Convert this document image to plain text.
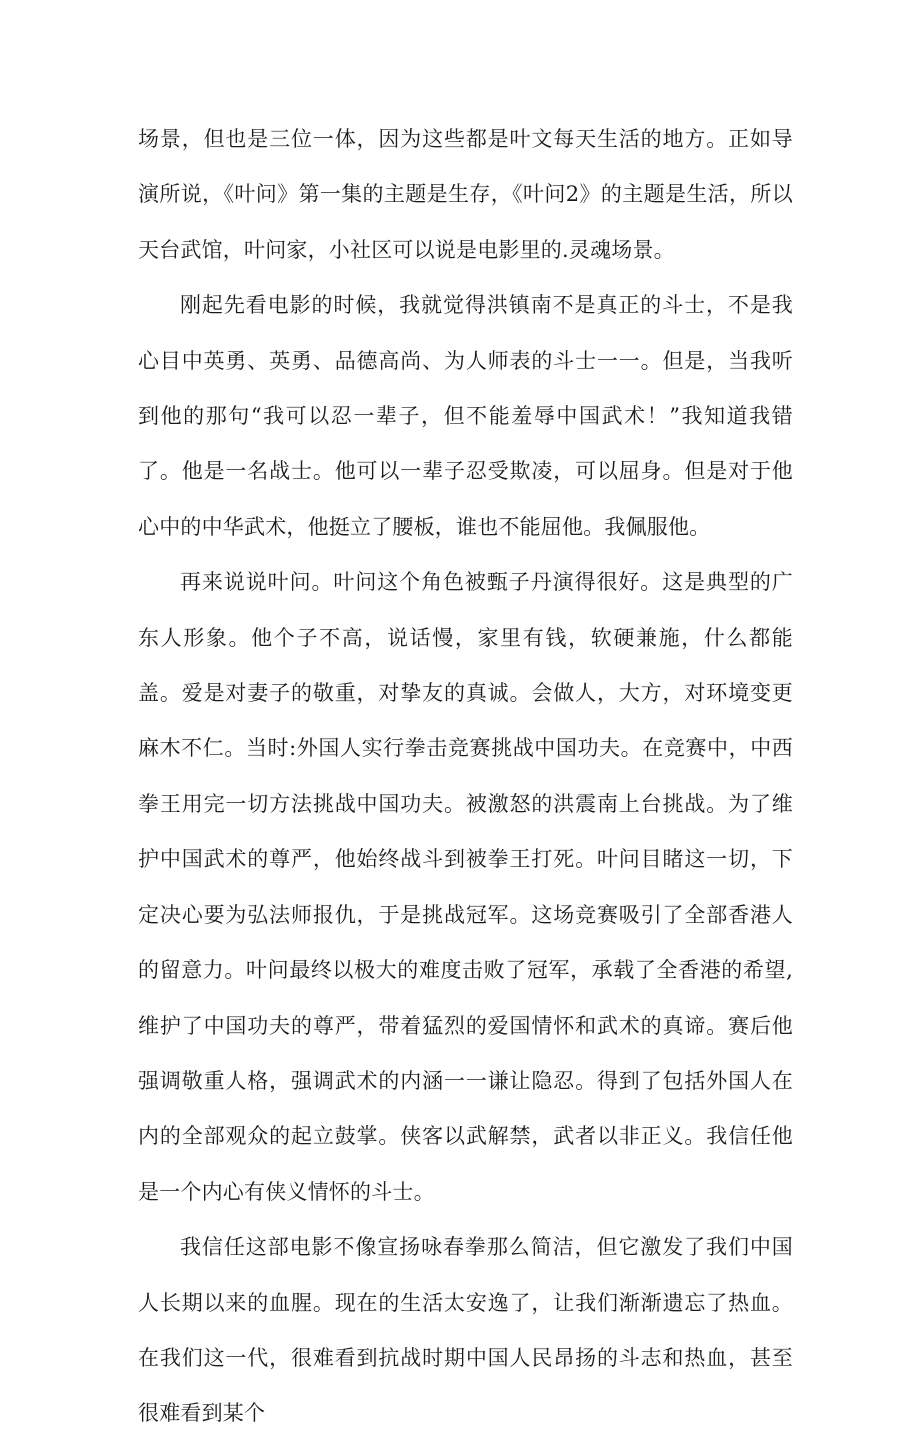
场景，但也是三位一体，因为这些都是叶文每天生活的地方。正如导演所说，《叶问》第一集的主题是生存，《叶问2》的主题是生活，所以天台武馆，叶问家，小社区可以说是电影里的.灵魂场景。

刚起先看电影的时候，我就觉得洪镇南不是真正的斗士，不是我心目中英勇、英勇、品德高尚、为人师表的斗士一一。但是，当我听到他的那句“我可以忍一辈子，但不能羞辱中国武术！”我知道我错了。他是一名战士。他可以一辈子忍受欺凌，可以屈身。但是对于他心中的中华武术，他挺立了腰板，谁也不能屈他。我佩服他。

再来说说叶问。叶问这个角色被甄子丹演得很好。这是典型的广东人形象。他个子不高，说话慢，家里有钱，软硬兼施，什么都能盖。爱是对妻子的敬重，对挚友的真诚。会做人，大方，对环境变更麻木不仁。当时:外国人实行拳击竞赛挑战中国功夫。在竞赛中，中西拳王用完一切方法挑战中国功夫。被激怒的洪震南上台挑战。为了维护中国武术的尊严，他始终战斗到被拳王打死。叶问目睹这一切，下定决心要为弘法师报仇，于是挑战冠军。这场竞赛吸引了全部香港人的留意力。叶问最终以极大的难度击败了冠军，承载了全香港的希望,维护了中国功夫的尊严，带着猛烈的爱国情怀和武术的真谛。赛后他强调敬重人格，强调武术的内涵一一谦让隐忍。得到了包括外国人在内的全部观众的起立鼓掌。侠客以武解禁，武者以非正义。我信任他是一个内心有侠义情怀的斗士。

我信任这部电影不像宣扬咏春拳那么简洁，但它激发了我们中国人长期以来的血腥。现在的生活太安逸了，让我们渐渐遗忘了热血。在我们这一代，很难看到抗战时期中国人民昂扬的斗志和热血，甚至很难看到某个
